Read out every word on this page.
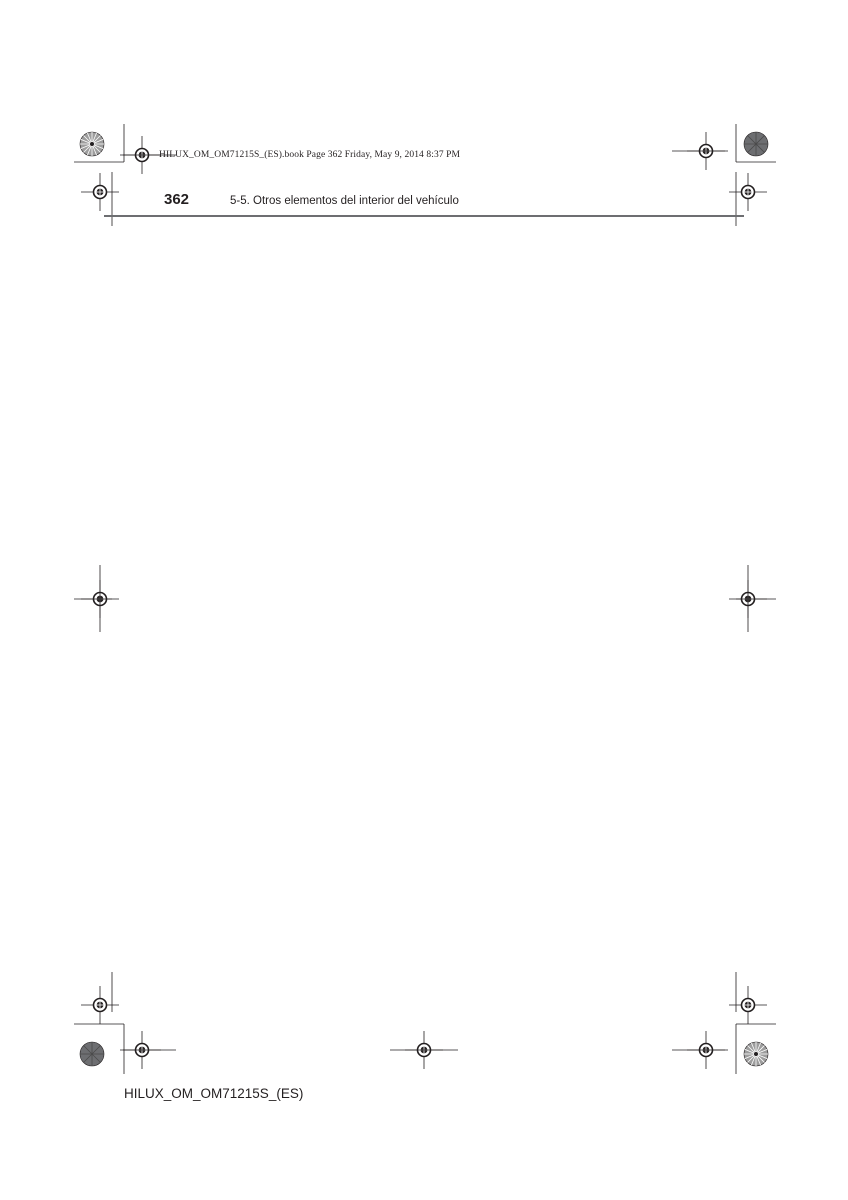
HILUX_OM_OM71215S_(ES).book Page 362 Friday, May 9, 2014 8:37 PM
362	5-5. Otros elementos del interior del vehículo
HILUX_OM_OM71215S_(ES)
